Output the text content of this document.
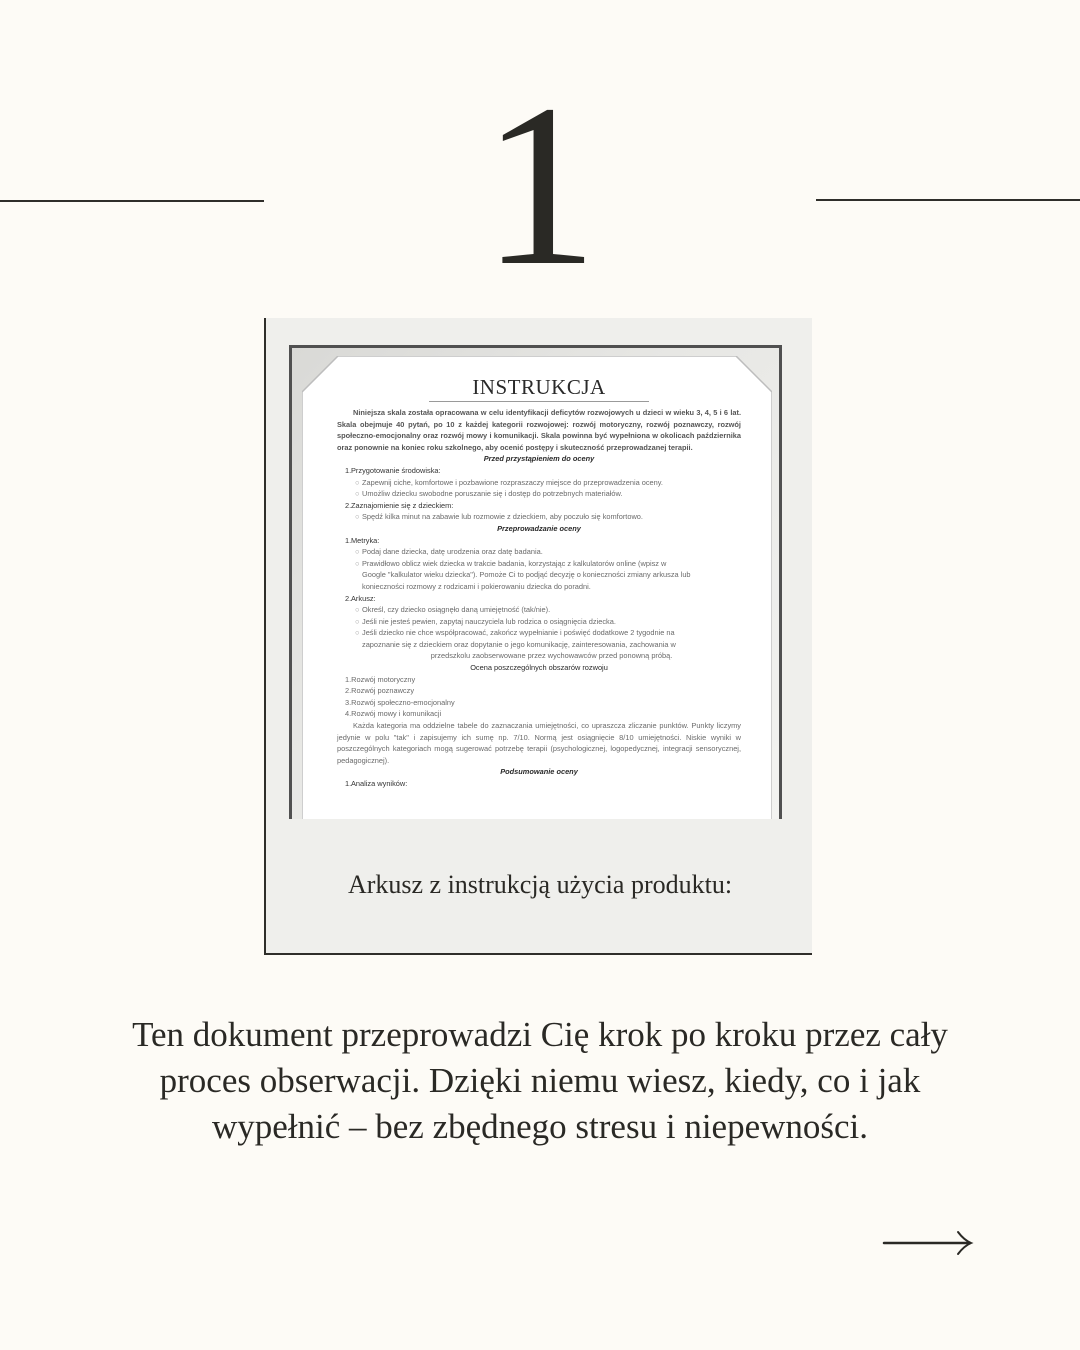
1
INSTRUKCJA
Niniejsza skala została opracowana w celu identyfikacji deficytów rozwojowych u dzieci w wieku 3, 4, 5 i 6 lat. Skala obejmuje 40 pytań, po 10 z każdej kategorii rozwojowej: rozwój motoryczny, rozwój poznawczy, rozwój społeczno-emocjonalny oraz rozwój mowy i komunikacji. Skala powinna być wypełniona w okolicach października oraz ponownie na koniec roku szkolnego, aby ocenić postępy i skuteczność przeprowadzanej terapii.
Przed przystąpieniem do oceny
1.Przygotowanie środowiska:
○ Zapewnij ciche, komfortowe i pozbawione rozpraszaczy miejsce do przeprowadzenia oceny.
○ Umożliw dziecku swobodne poruszanie się i dostęp do potrzebnych materiałów.
2.Zaznajomienie się z dzieckiem:
○ Spędź kilka minut na zabawie lub rozmowie z dzieckiem, aby poczuło się komfortowo.
Przeprowadzanie oceny
1.Metryka:
○ Podaj dane dziecka, datę urodzenia oraz datę badania.
○ Prawidłowo oblicz wiek dziecka w trakcie badania, korzystając z kalkulatorów online (wpisz w
Google "kalkulator wieku dziecka"). Pomoże Ci to podjąć decyzję o konieczności zmiany arkusza lub
konieczności rozmowy z rodzicami i pokierowaniu dziecka do poradni.
2.Arkusz:
○ Określ, czy dziecko osiągnęło daną umiejętność (tak/nie).
○ Jeśli nie jesteś pewien, zapytaj nauczyciela lub rodzica o osiągnięcia dziecka.
○ Jeśli dziecko nie chce współpracować, zakończ wypełnianie i poświęć dodatkowe 2 tygodnie na
zapoznanie się z dzieckiem oraz dopytanie o jego komunikację, zainteresowania, zachowania w
przedszkolu zaobserwowane przez wychowawców przed ponowną próbą.
Ocena poszczególnych obszarów rozwoju
1.Rozwój motoryczny
2.Rozwój poznawczy
3.Rozwój społeczno-emocjonalny
4.Rozwój mowy i komunikacji
Każda kategoria ma oddzielne tabele do zaznaczania umiejętności, co upraszcza zliczanie punktów. Punkty liczymy jedynie w polu "tak" i zapisujemy ich sumę np. 7/10. Normą jest osiągnięcie 8/10 umiejętności. Niskie wyniki w poszczególnych kategoriach mogą sugerować potrzebę terapii (psychologicznej, logopedycznej, integracji sensorycznej, pedagogicznej).
Podsumowanie oceny
1.Analiza wyników:
Arkusz z instrukcją użycia produktu:
Ten dokument przeprowadzi Cię krok po kroku przez cały
proces obserwacji. Dzięki niemu wiesz, kiedy, co i jak
wypełnić – bez zbędnego stresu i niepewności.
